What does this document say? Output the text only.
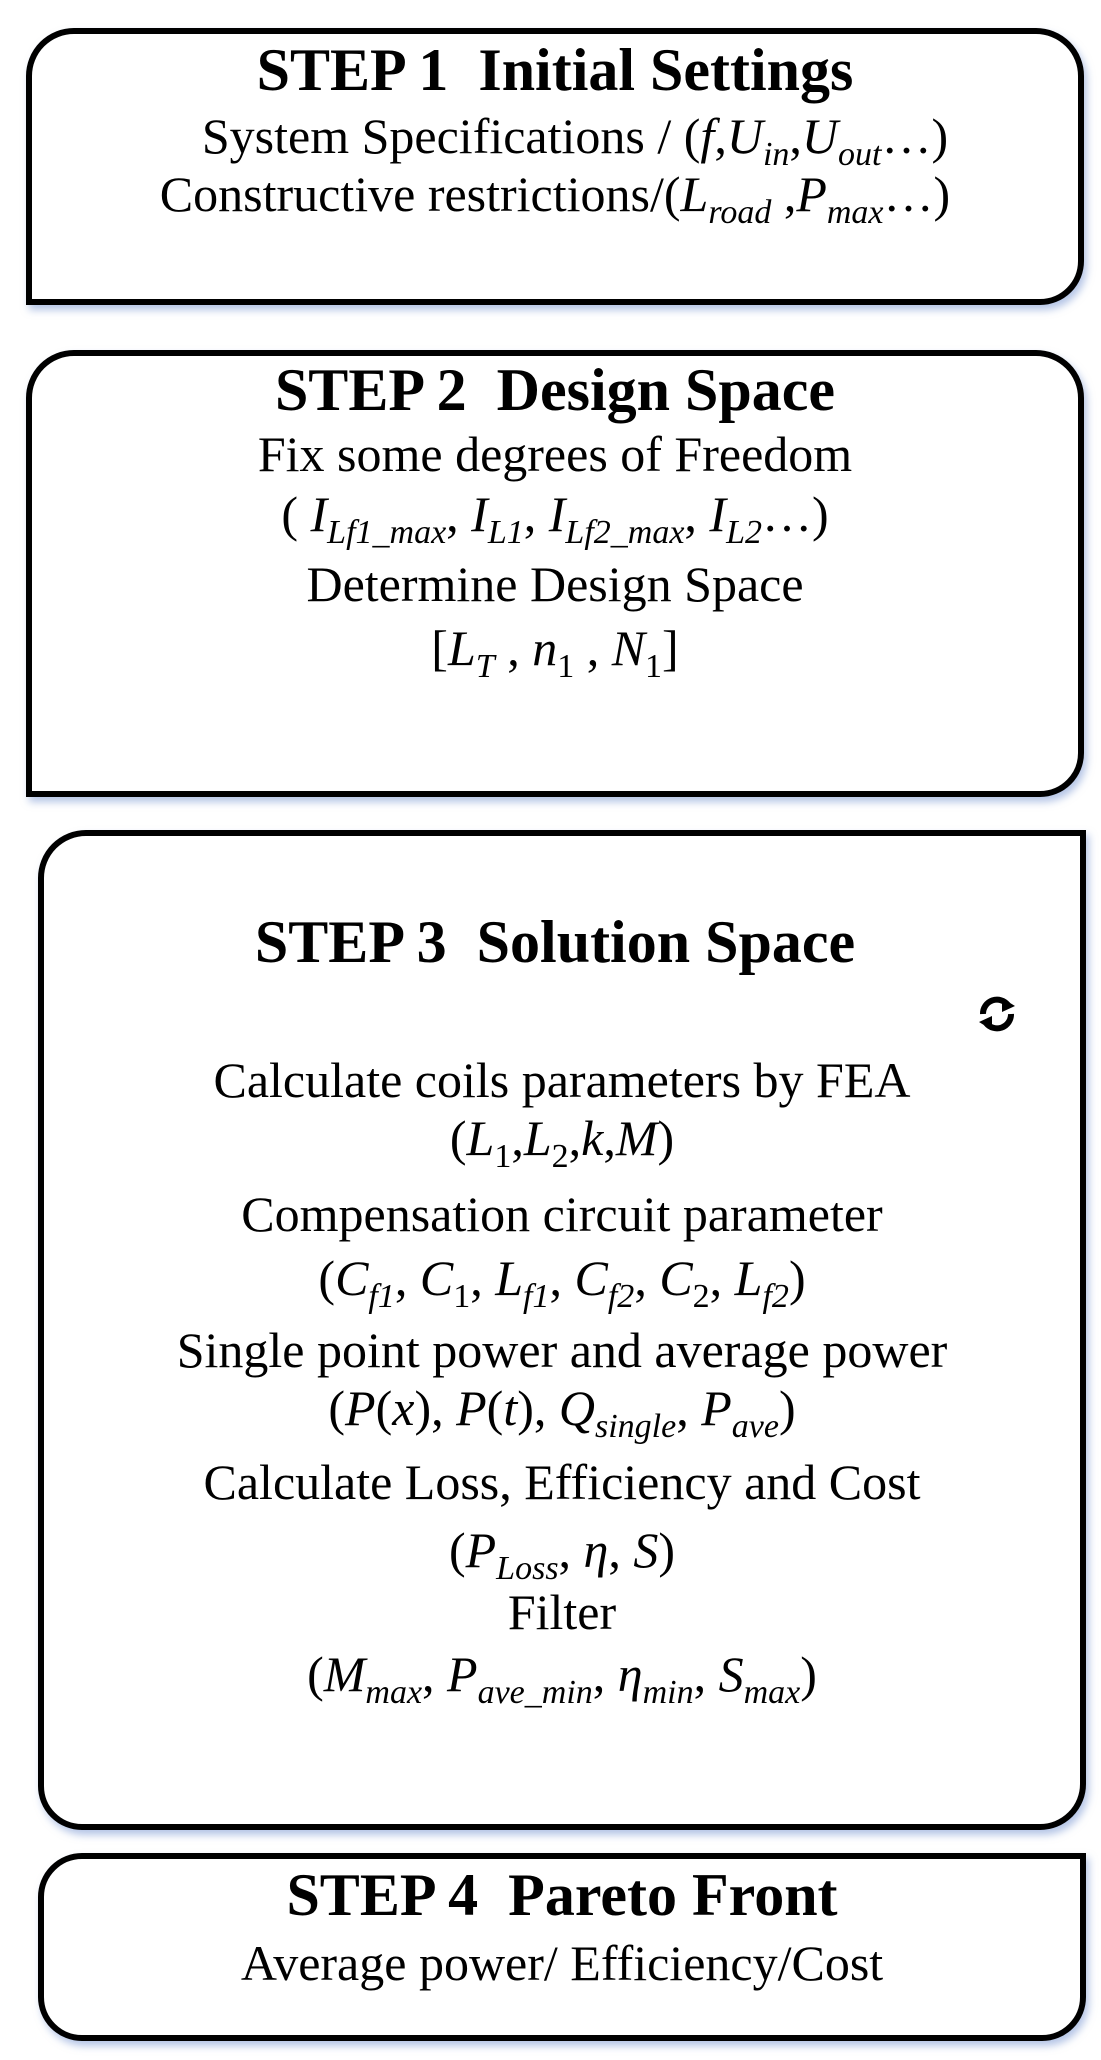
STEP 1  Initial Settings
System Specifications / $(f,U_{in},U_{out}\dots)$
Constructive restrictions/($L_{road}$ $,P_{max}\dots$)
STEP 2  Design Space
Fix some degrees of Freedom
( $I_{Lf1\_max}$, $I_{L1}$, $I_{Lf2\_max}$, $I_{L2}\dots$)
Determine Design Space
[$L_T$ , $n_1$ , $N_1$]

STEP 3  Solution Space

Calculate coils parameters by FEA
$(L_1,L_2,k,M)$
Compensation circuit parameter
($C_{f1}$, $C_1$, $L_{f1}$, $C_{f2}$, $C_2$, $L_{f2}$)
Single point power and average power
(P(x), P(t), $Q_{single}$, $P_{ave}$)
Calculate Loss, Efficiency and Cost
($P_{Loss}$, η, S)
Filter
($M_{max}$, $P_{ave\_min}$, $\eta_{min}$, $S_{max}$)
STEP 4  Pareto Front
Average power/ Efficiency/Cost
